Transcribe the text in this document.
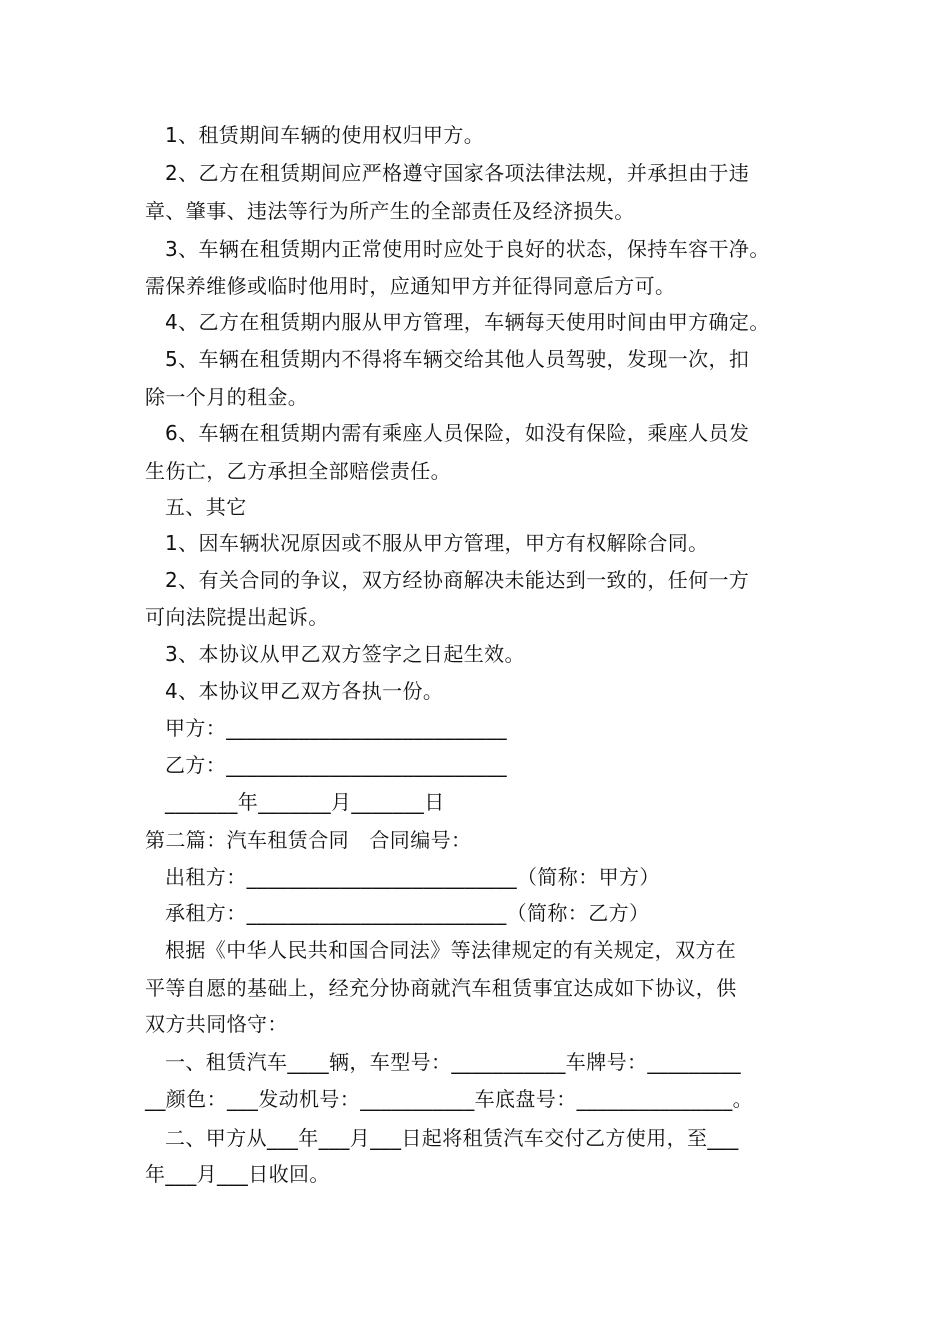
1、租赁期间车辆的使用权归甲方。
2、乙方在租赁期间应严格遵守国家各项法律法规，并承担由于违
章、肇事、违法等行为所产生的全部责任及经济损失。
3、车辆在租赁期内正常使用时应处于良好的状态，保持车容干净。
需保养维修或临时他用时，应通知甲方并征得同意后方可。
4、乙方在租赁期内服从甲方管理，车辆每天使用时间由甲方确定。
5、车辆在租赁期内不得将车辆交给其他人员驾驶，发现一次，扣
除一个月的租金。
6、车辆在租赁期内需有乘座人员保险，如没有保险，乘座人员发
生伤亡，乙方承担全部赔偿责任。
五、其它
1、因车辆状况原因或不服从甲方管理，甲方有权解除合同。
2、有关合同的争议，双方经协商解决未能达到一致的，任何一方
可向法院提出起诉。
3、本协议从甲乙双方签字之日起生效。
4、本协议甲乙双方各执一份。
甲方：___________________________
乙方：___________________________
_______年_______月_______日
第二篇：汽车租赁合同　合同编号：
出租方：__________________________（简称：甲方）
承租方：_________________________（简称：乙方）
根据《中华人民共和国合同法》等法律规定的有关规定，双方在
平等自愿的基础上，经充分协商就汽车租赁事宜达成如下协议，供
双方共同恪守：
一、租赁汽车____辆，车型号：___________车牌号：_________
__颜色：___发动机号：___________车底盘号：_______________。
二、甲方从___年___月___日起将租赁汽车交付乙方使用，至___
年___月___日收回。
